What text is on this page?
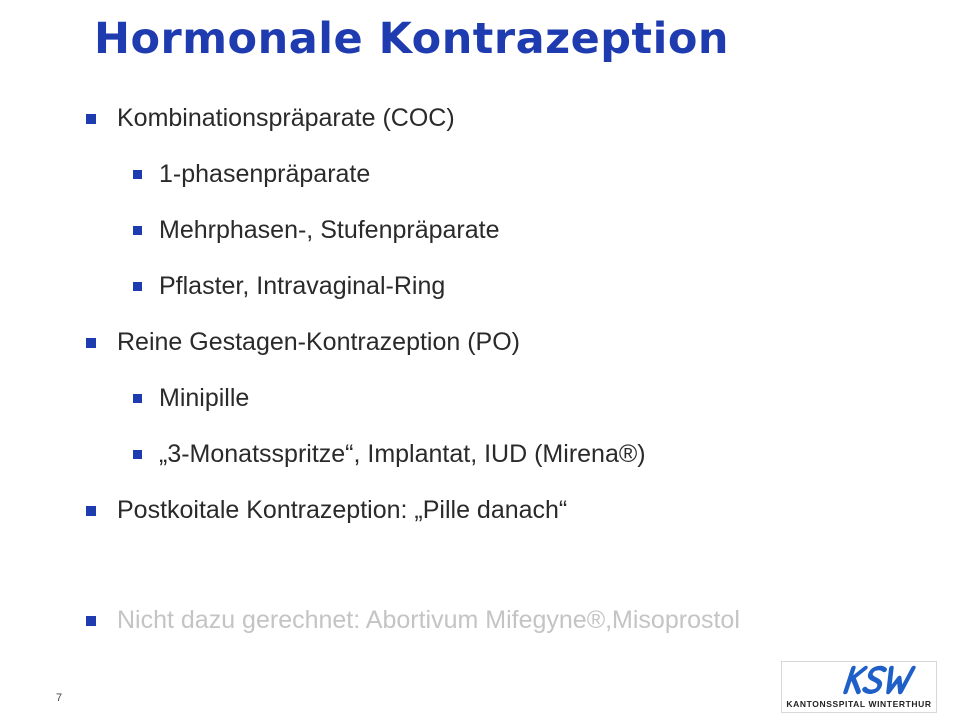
Hormonale Kontrazeption
Kombinationspräparate (COC)
1-phasenpräparate
Mehrphasen-, Stufenpräparate
Pflaster, Intravaginal-Ring
Reine Gestagen-Kontrazeption (PO)
Minipille
„3-Monatsspritze“, Implantat, IUD (Mirena®)
Postkoitale Kontrazeption: „Pille danach“
Nicht dazu gerechnet: Abortivum Mifegyne®,Misoprostol
7	KANTONSSPITAL WINTERTHUR
